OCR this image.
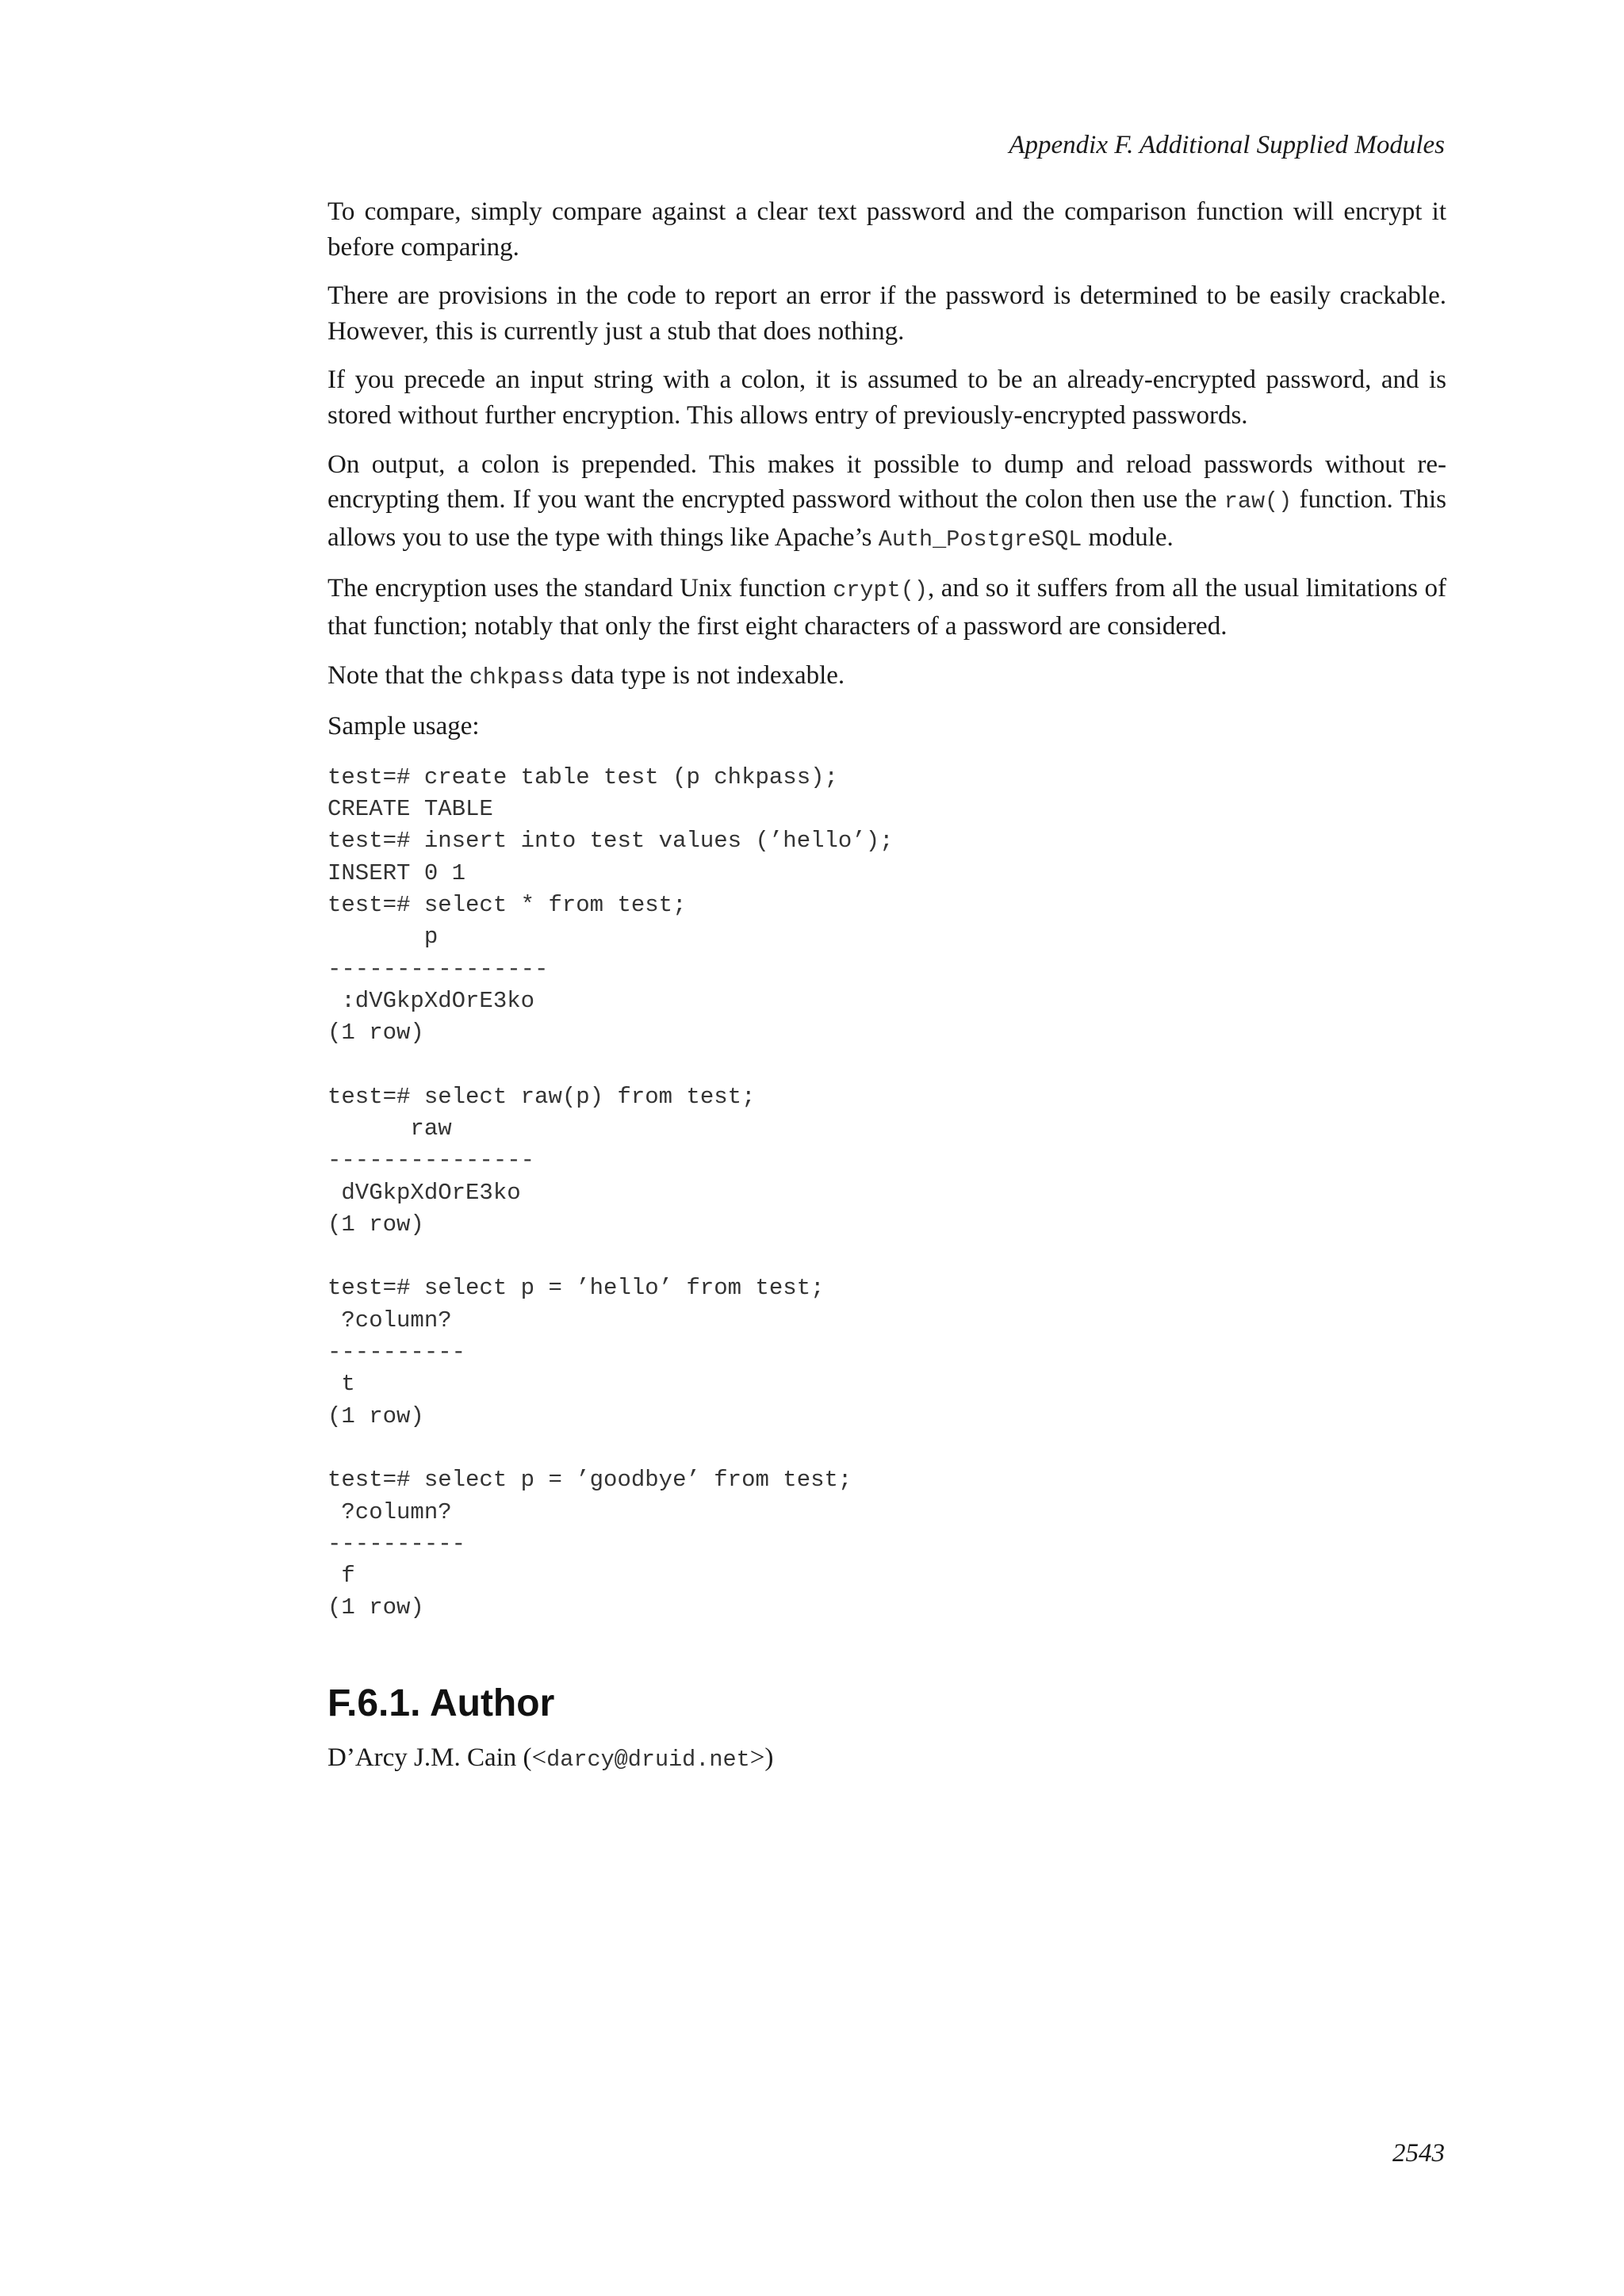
Appendix F. Additional Supplied Modules

To compare, simply compare against a clear text password and the comparison function will encrypt it before comparing.

There are provisions in the code to report an error if the password is determined to be easily crackable. However, this is currently just a stub that does nothing.

If you precede an input string with a colon, it is assumed to be an already-encrypted password, and is stored without further encryption. This allows entry of previously-encrypted passwords.

On output, a colon is prepended. This makes it possible to dump and reload passwords without re-encrypting them. If you want the encrypted password without the colon then use the raw() function. This allows you to use the type with things like Apache’s Auth_PostgreSQL module.

The encryption uses the standard Unix function crypt(), and so it suffers from all the usual limitations of that function; notably that only the first eight characters of a password are considered.

Note that the chkpass data type is not indexable.

Sample usage:

test=# create table test (p chkpass);
CREATE TABLE
test=# insert into test values (’hello’);
INSERT 0 1
test=# select * from test;
p
----------------
:dVGkpXdOrE3ko
(1 row)
test=# select raw(p) from test;
raw
---------------
dVGkpXdOrE3ko
(1 row)
test=# select p = ’hello’ from test;
?column?
----------
t
(1 row)
test=# select p = ’goodbye’ from test;
?column?
----------
f
(1 row)
F.6.1. Author

D’Arcy J.M. Cain (<darcy@druid.net>)

2543
